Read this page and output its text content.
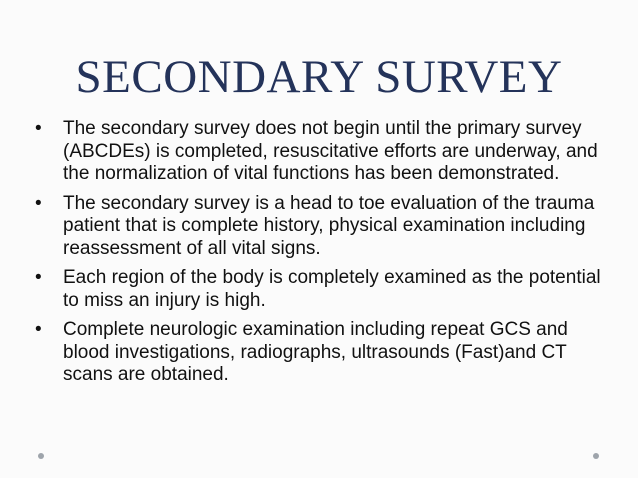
SECONDARY SURVEY
•	The secondary survey does not begin until the primary survey (ABCDEs) is completed, resuscitative efforts are underway, and the normalization of vital functions has been demonstrated.
•	The secondary survey is a head to toe evaluation of the trauma patient that is complete history, physical examination including reassessment of all vital signs.
•	Each region of the body is completely examined as the potential to miss an injury is high.
•	Complete neurologic examination including repeat GCS and blood investigations, radiographs, ultrasounds (Fast)and CT scans are obtained.
